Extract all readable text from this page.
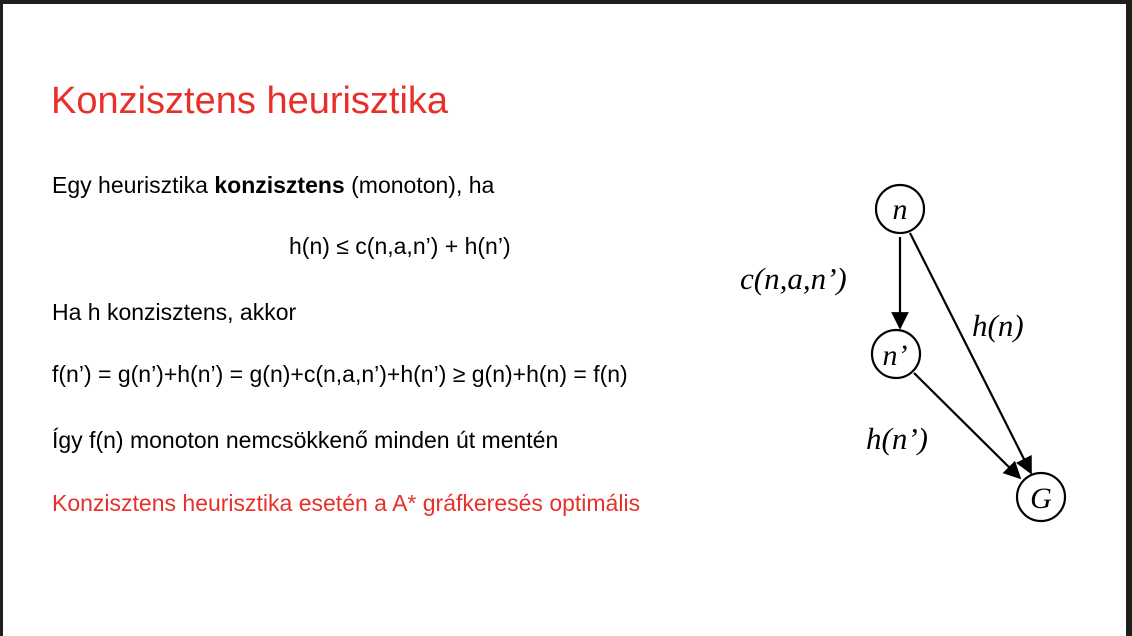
Konzisztens heurisztika
Egy heurisztika konzisztens (monoton), ha
h(n) ≤ c(n,a,n’) + h(n’)
Ha h konzisztens, akkor
f(n’) = g(n’)+h(n’) = g(n)+c(n,a,n’)+h(n’) ≥ g(n)+h(n) = f(n)
Így f(n) monoton nemcsökkenő minden út mentén
Konzisztens heurisztika esetén a A* gráfkeresés optimális
n
n’
G
c(n,a,n’)
h(n)
h(n’)
